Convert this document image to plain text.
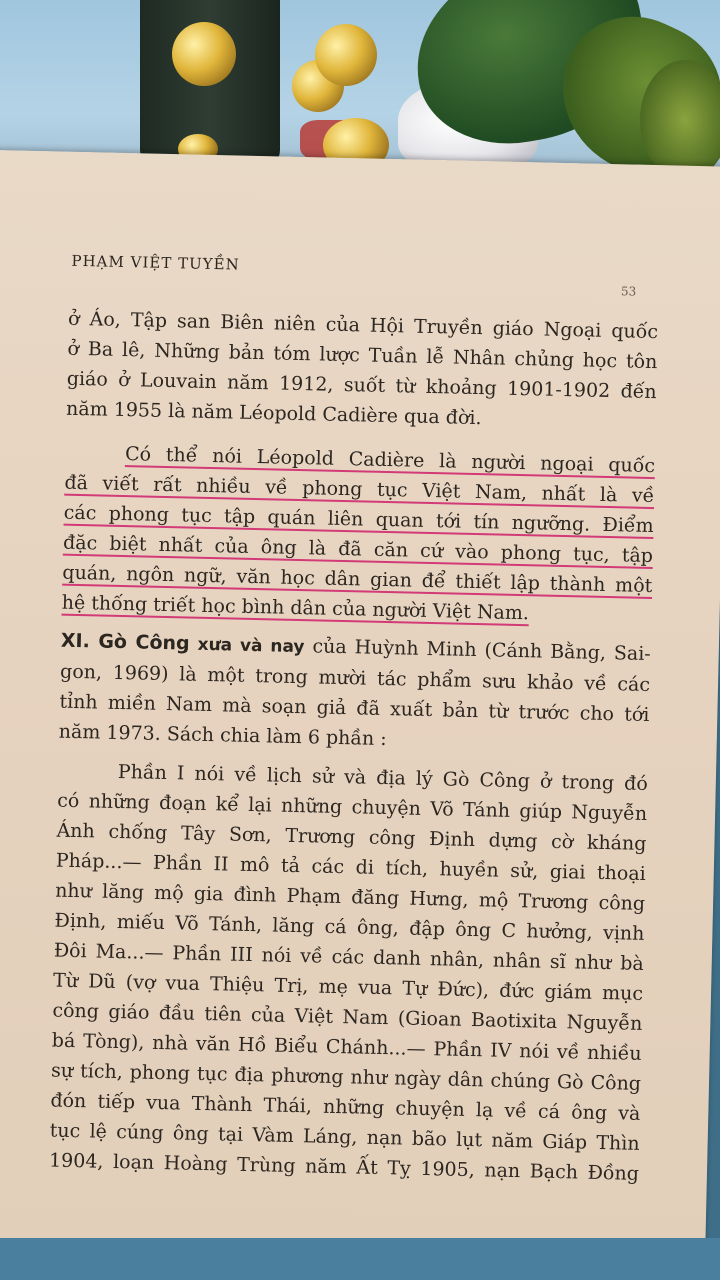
PHẠM VIỆT TUYỀN
53
ở Áo, Tập san Biên niên của Hội Truyền giáo Ngoại quốc
ở Ba lê, Những bản tóm lược Tuần lễ Nhân chủng học tôn
giáo ở Louvain năm 1912, suốt từ khoảng 1901-1902 đến
năm 1955 là năm Léopold Cadière qua đời.
Có thể nói Léopold Cadière là người ngoại quốc
đã viết rất nhiều về phong tục Việt Nam, nhất là về
các phong tục tập quán liên quan tới tín ngưỡng. Điểm
đặc biệt nhất của ông là đã căn cứ vào phong tục, tập
quán, ngôn ngữ, văn học dân gian để thiết lập thành một
hệ thống triết học bình dân của người Việt Nam.
XI. Gò Công xưa và nay của Huỳnh Minh (Cánh Bằng, Sai-
gon, 1969) là một trong mười tác phẩm sưu khảo về các
tỉnh miền Nam mà soạn giả đã xuất bản từ trước cho tới
năm 1973. Sách chia làm 6 phần :
Phần I nói về lịch sử và địa lý Gò Công ở trong đó
có những đoạn kể lại những chuyện Võ Tánh giúp Nguyễn
Ánh chống Tây Sơn, Trương công Định dựng cờ kháng
Pháp...— Phần II mô tả các di tích, huyền sử, giai thoại
như lăng mộ gia đình Phạm đăng Hưng, mộ Trương công
Định, miếu Võ Tánh, lăng cá ông, đập ông C hưởng, vịnh
Đôi Ma...— Phần III nói về các danh nhân, nhân sĩ như bà
Từ Dũ (vợ vua Thiệu Trị, mẹ vua Tự Đức), đức giám mục
công giáo đầu tiên của Việt Nam (Gioan Baotixita Nguyễn
bá Tòng), nhà văn Hồ Biểu Chánh...— Phần IV nói về nhiều
sự tích, phong tục địa phương như ngày dân chúng Gò Công
đón tiếp vua Thành Thái, những chuyện lạ về cá ông và
tục lệ cúng ông tại Vàm Láng, nạn bão lụt năm Giáp Thìn
1904, loạn Hoàng Trùng năm Ất Tỵ 1905, nạn Bạch Đồng
